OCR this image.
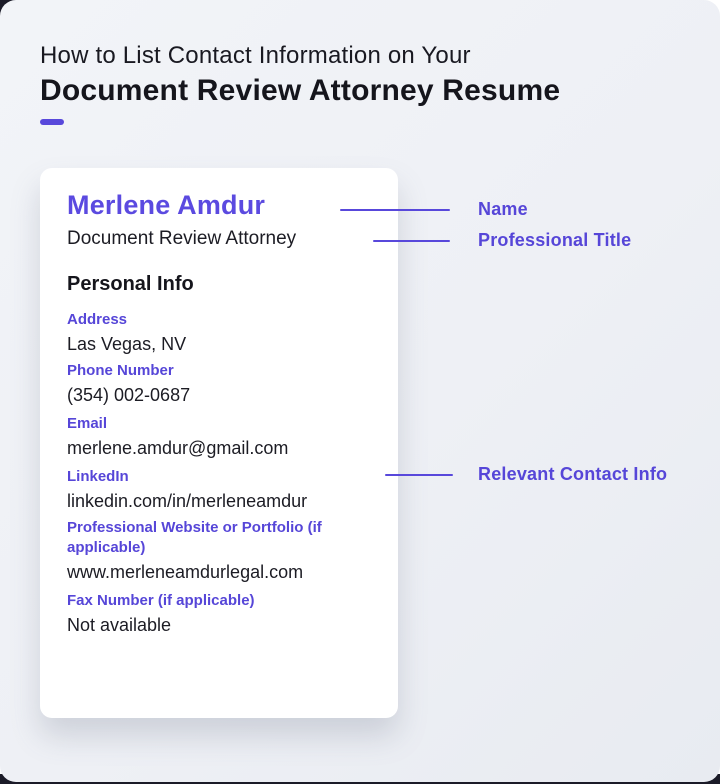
How to List Contact Information on Your
Document Review Attorney Resume
Merlene Amdur
Document Review Attorney
Personal Info
Address
Las Vegas, NV
Phone Number
(354) 002-0687
Email
merlene.amdur@gmail.com
LinkedIn
linkedin.com/in/merleneamdur
Professional Website or Portfolio (if applicable)
www.merleneamdurlegal.com
Fax Number (if applicable)
Not available
Name
Professional Title
Relevant Contact Info
